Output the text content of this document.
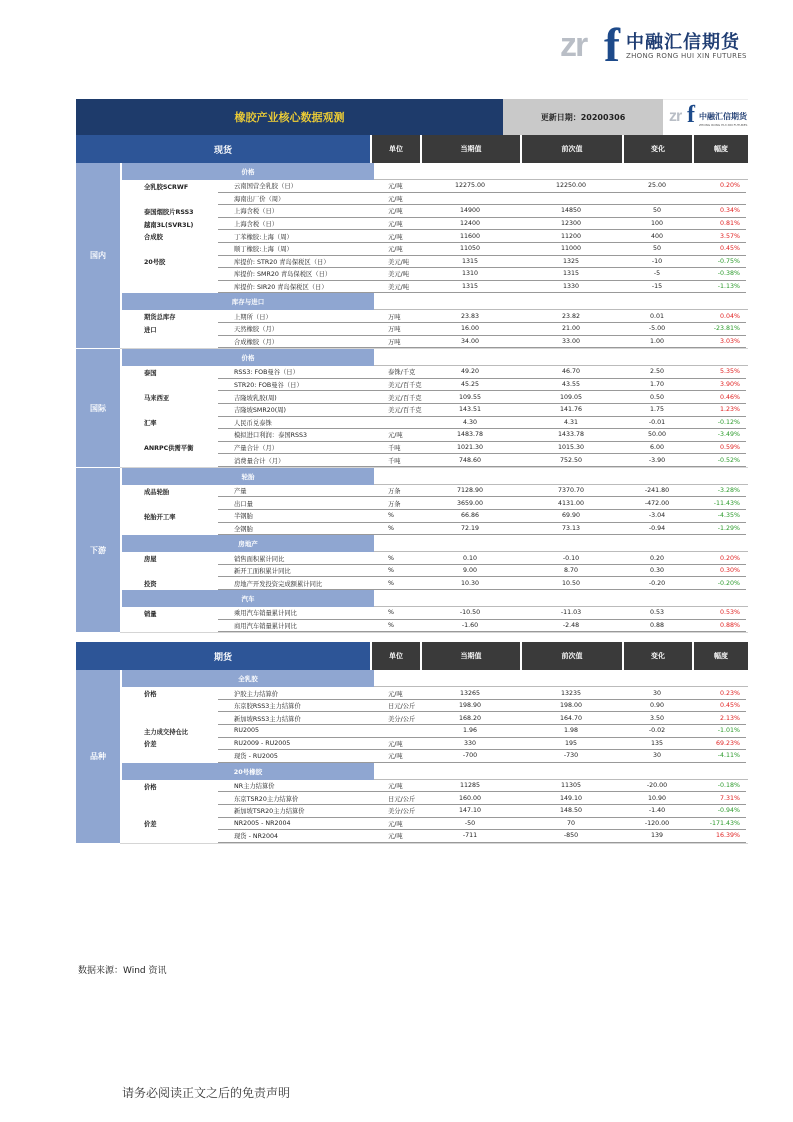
zr f 中融汇信期货
ZHONG RONG HUI XIN FUTURES
橡胶产业核心数据观测	更新日期：20200306	zr f 中融汇信期货
ZHONG RONG HUI XIN FUTURES
现货	单位	当期值	前次值	变化	幅度
国内
价格
全乳胶SCRWF	云南国营全乳胶（日）	元/吨	12275.00	12250.00	25.00	0.20%
海南出厂价（周）	元/吨
泰国烟胶片RSS3	上海含税（日）	元/吨	14900	14850	50	0.34%
越南3L(SVR3L)	上海含税（日）	元/吨	12400	12300	100	0.81%
合成胶	丁苯橡胶:上海（周）	元/吨	11600	11200	400	3.57%
顺丁橡胶:上海（周）	元/吨	11050	11000	50	0.45%
20号胶	库提价: STR20 青岛保税区（日）	美元/吨	1315	1325	-10	-0.75%
库提价: SMR20 青岛保税区（日）	美元/吨	1310	1315	-5	-0.38%
库提价: SIR20 青岛保税区（日）	美元/吨	1315	1330	-15	-1.13%
库存与进口
期货总库存	上期所（日）	万吨	23.83	23.82	0.01	0.04%
进口	天然橡胶（月）	万吨	16.00	21.00	-5.00	-23.81%
合成橡胶（月）	万吨	34.00	33.00	1.00	3.03%
国际
价格
泰国	RSS3: FOB曼谷（日）	泰铢/千克	49.20	46.70	2.50	5.35%
STR20: FOB曼谷（日）	美元/百千克	45.25	43.55	1.70	3.90%
马来西亚	吉隆坡乳胶(周)	美元/百千克	109.55	109.05	0.50	0.46%
吉隆坡SMR20(周)	美元/百千克	143.51	141.76	1.75	1.23%
汇率	人民币兑泰铢	4.30	4.31	-0.01	-0.12%
模拟进口利润：泰国RSS3	元/吨	1483.78	1433.78	50.00	-3.49%
ANRPC供需平衡	产量合计（月）	千吨	1021.30	1015.30	6.00	0.59%
消费量合计（月）	千吨	748.60	752.50	-3.90	-0.52%
下游
轮胎
成品轮胎	产量	万条	7128.90	7370.70	-241.80	-3.28%
出口量	万条	3659.00	4131.00	-472.00	-11.43%
轮胎开工率	半钢胎	%	66.86	69.90	-3.04	-4.35%
全钢胎	%	72.19	73.13	-0.94	-1.29%
房地产
房屋	销售面积累计同比	%	0.10	-0.10	0.20	0.20%
新开工面积累计同比	%	9.00	8.70	0.30	0.30%
投资	房地产开发投资完成额累计同比	%	10.30	10.50	-0.20	-0.20%
汽车
销量	乘用汽车销量累计同比	%	-10.50	-11.03	0.53	0.53%
商用汽车销量累计同比	%	-1.60	-2.48	0.88	0.88%
期货	单位	当期值	前次值	变化	幅度
品种
全乳胶
价格	沪胶主力结算价	元/吨	13265	13235	30	0.23%
东京胶RSS3主力结算价	日元/公斤	198.90	198.00	0.90	0.45%
新加坡RSS3主力结算价	美分/公斤	168.20	164.70	3.50	2.13%
主力成交持仓比	RU2005	1.96	1.98	-0.02	-1.01%
价差	RU2009 - RU2005	元/吨	330	195	135	69.23%
现货 - RU2005	元/吨	-700	-730	30	-4.11%
20号橡胶
价格	NR主力结算价	元/吨	11285	11305	-20.00	-0.18%
东京TSR20主力结算价	日元/公斤	160.00	149.10	10.90	7.31%
新加坡TSR20主力结算价	美分/公斤	147.10	148.50	-1.40	-0.94%
价差	NR2005 - NR2004	元/吨	-50	70	-120.00	-171.43%
现货 - NR2004	元/吨	-711	-850	139	16.39%
数据来源：Wind 资讯
请务必阅读正文之后的免责声明
